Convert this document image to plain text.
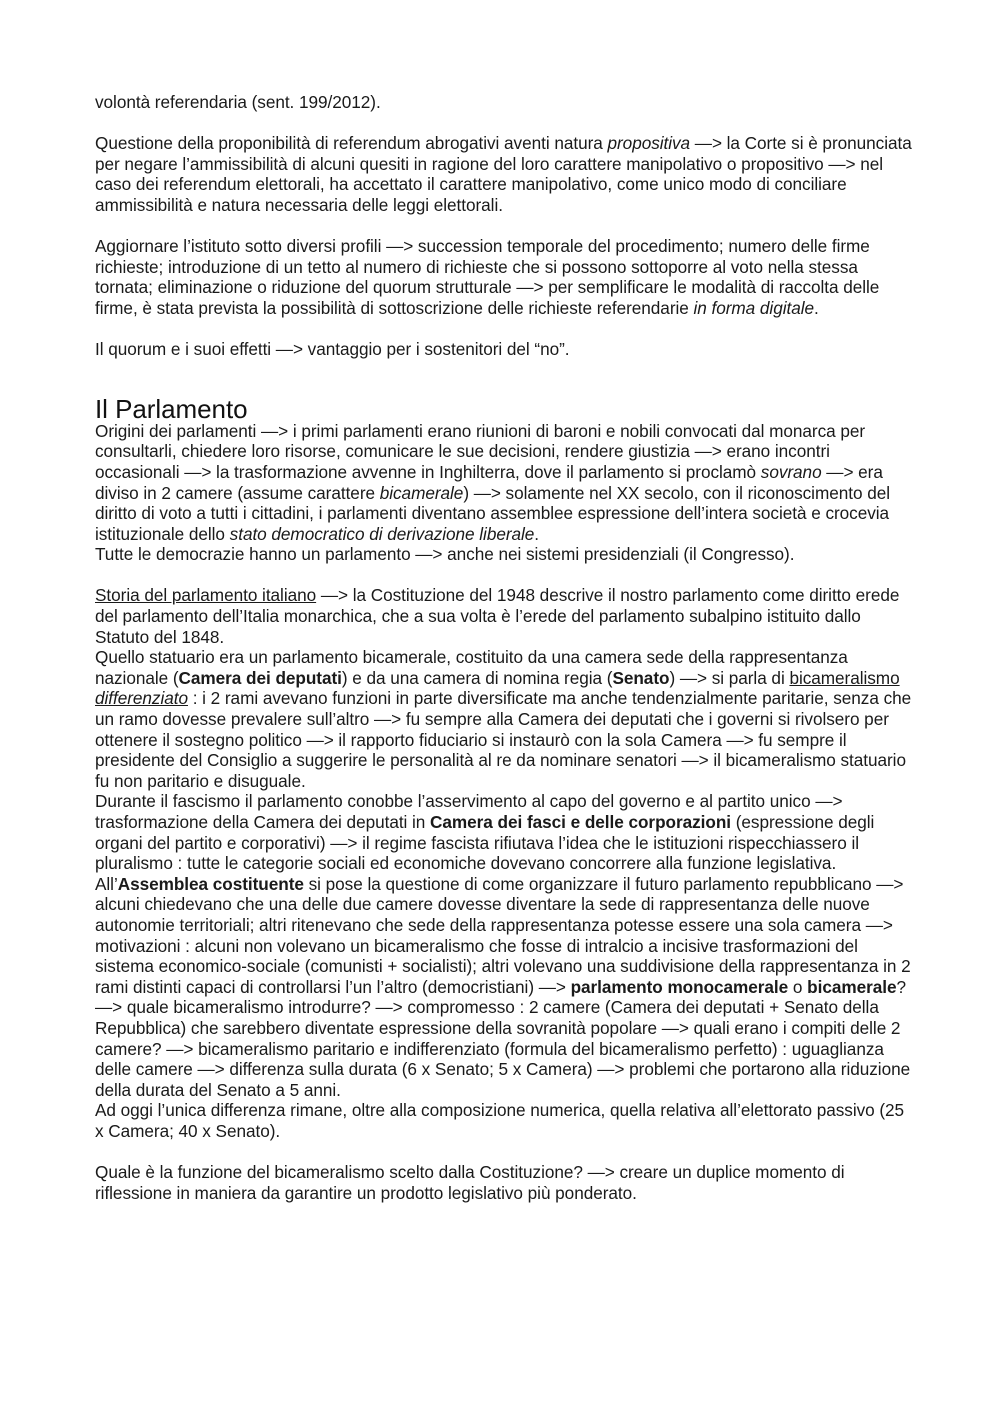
volontà referendaria (sent. 199/2012).

Questione della proponibilità di referendum abrogativi aventi natura propositiva —> la Corte si è pronunciata per negare l’ammissibilità di alcuni quesiti in ragione del loro carattere manipolativo o propositivo —> nel caso dei referendum elettorali, ha accettato il carattere manipolativo, come unico modo di conciliare ammissibilità e natura necessaria delle leggi elettorali.

Aggiornare l’istituto sotto diversi profili —> succession temporale del procedimento; numero delle firme richieste; introduzione di un tetto al numero di richieste che si possono sottoporre al voto nella stessa tornata; eliminazione o riduzione del quorum strutturale —> per semplificare le modalità di raccolta delle firme, è stata prevista la possibilità di sottoscrizione delle richieste referendarie in forma digitale.

Il quorum e i suoi effetti —> vantaggio per i sostenitori del “no”.

Il Parlamento

Origini dei parlamenti —> i primi parlamenti erano riunioni di baroni e nobili convocati dal monarca per consultarli, chiedere loro risorse, comunicare le sue decisioni, rendere giustizia —> erano incontri occasionali —> la trasformazione avvenne in Inghilterra, dove il parlamento si proclamò sovrano —> era diviso in 2 camere (assume carattere bicamerale) —> solamente nel XX secolo, con il riconoscimento del diritto di voto a tutti i cittadini, i parlamenti diventano assemblee espressione dell’intera società e crocevia istituzionale dello stato democratico di derivazione liberale.

Tutte le democrazie hanno un parlamento —> anche nei sistemi presidenziali (il Congresso).

Storia del parlamento italiano —> la Costituzione del 1948 descrive il nostro parlamento come diritto erede del parlamento dell’Italia monarchica, che a sua volta è l’erede del parlamento subalpino istituito dallo Statuto del 1848.

Quello statuario era un parlamento bicamerale, costituito da una camera sede della rappresentanza nazionale (Camera dei deputati) e da una camera di nomina regia (Senato) —> si parla di bicameralismo differenziato : i 2 rami avevano funzioni in parte diversificate ma anche tendenzialmente paritarie, senza che un ramo dovesse prevalere sull’altro —> fu sempre alla Camera dei deputati che i governi si rivolsero per ottenere il sostegno politico —> il rapporto fiduciario si instaurò con la sola Camera —> fu sempre il presidente del Consiglio a suggerire le personalità al re da nominare senatori —> il bicameralismo statuario fu non paritario e disuguale.

Durante il fascismo il parlamento conobbe l’asservimento al capo del governo e al partito unico —> trasformazione della Camera dei deputati in Camera dei fasci e delle corporazioni (espressione degli organi del partito e corporativi) —> il regime fascista rifiutava l’idea che le istituzioni rispecchiassero il pluralismo : tutte le categorie sociali ed economiche dovevano concorrere alla funzione legislativa.

All’Assemblea costituente si pose la questione di come organizzare il futuro parlamento repubblicano —> alcuni chiedevano che una delle due camere dovesse diventare la sede di rappresentanza delle nuove autonomie territoriali; altri ritenevano che sede della rappresentanza potesse essere una sola camera —> motivazioni : alcuni non volevano un bicameralismo che fosse di intralcio a incisive trasformazioni del sistema economico-sociale (comunisti + socialisti); altri volevano una suddivisione della rappresentanza in 2 rami distinti capaci di controllarsi l’un l’altro (democristiani) —> parlamento monocamerale o bicamerale? —> quale bicameralismo introdurre? —> compromesso : 2 camere (Camera dei deputati + Senato della Repubblica) che sarebbero diventate espressione della sovranità popolare —> quali erano i compiti delle 2 camere? —> bicameralismo paritario e indifferenziato (formula del bicameralismo perfetto) : uguaglianza delle camere —> differenza sulla durata (6 x Senato; 5 x Camera) —> problemi che portarono alla riduzione della durata del Senato a 5 anni.

Ad oggi l’unica differenza rimane, oltre alla composizione numerica, quella relativa all’elettorato passivo (25 x Camera; 40 x Senato).

Quale è la funzione del bicameralismo scelto dalla Costituzione? —> creare un duplice momento di riflessione in maniera da garantire un prodotto legislativo più ponderato.
